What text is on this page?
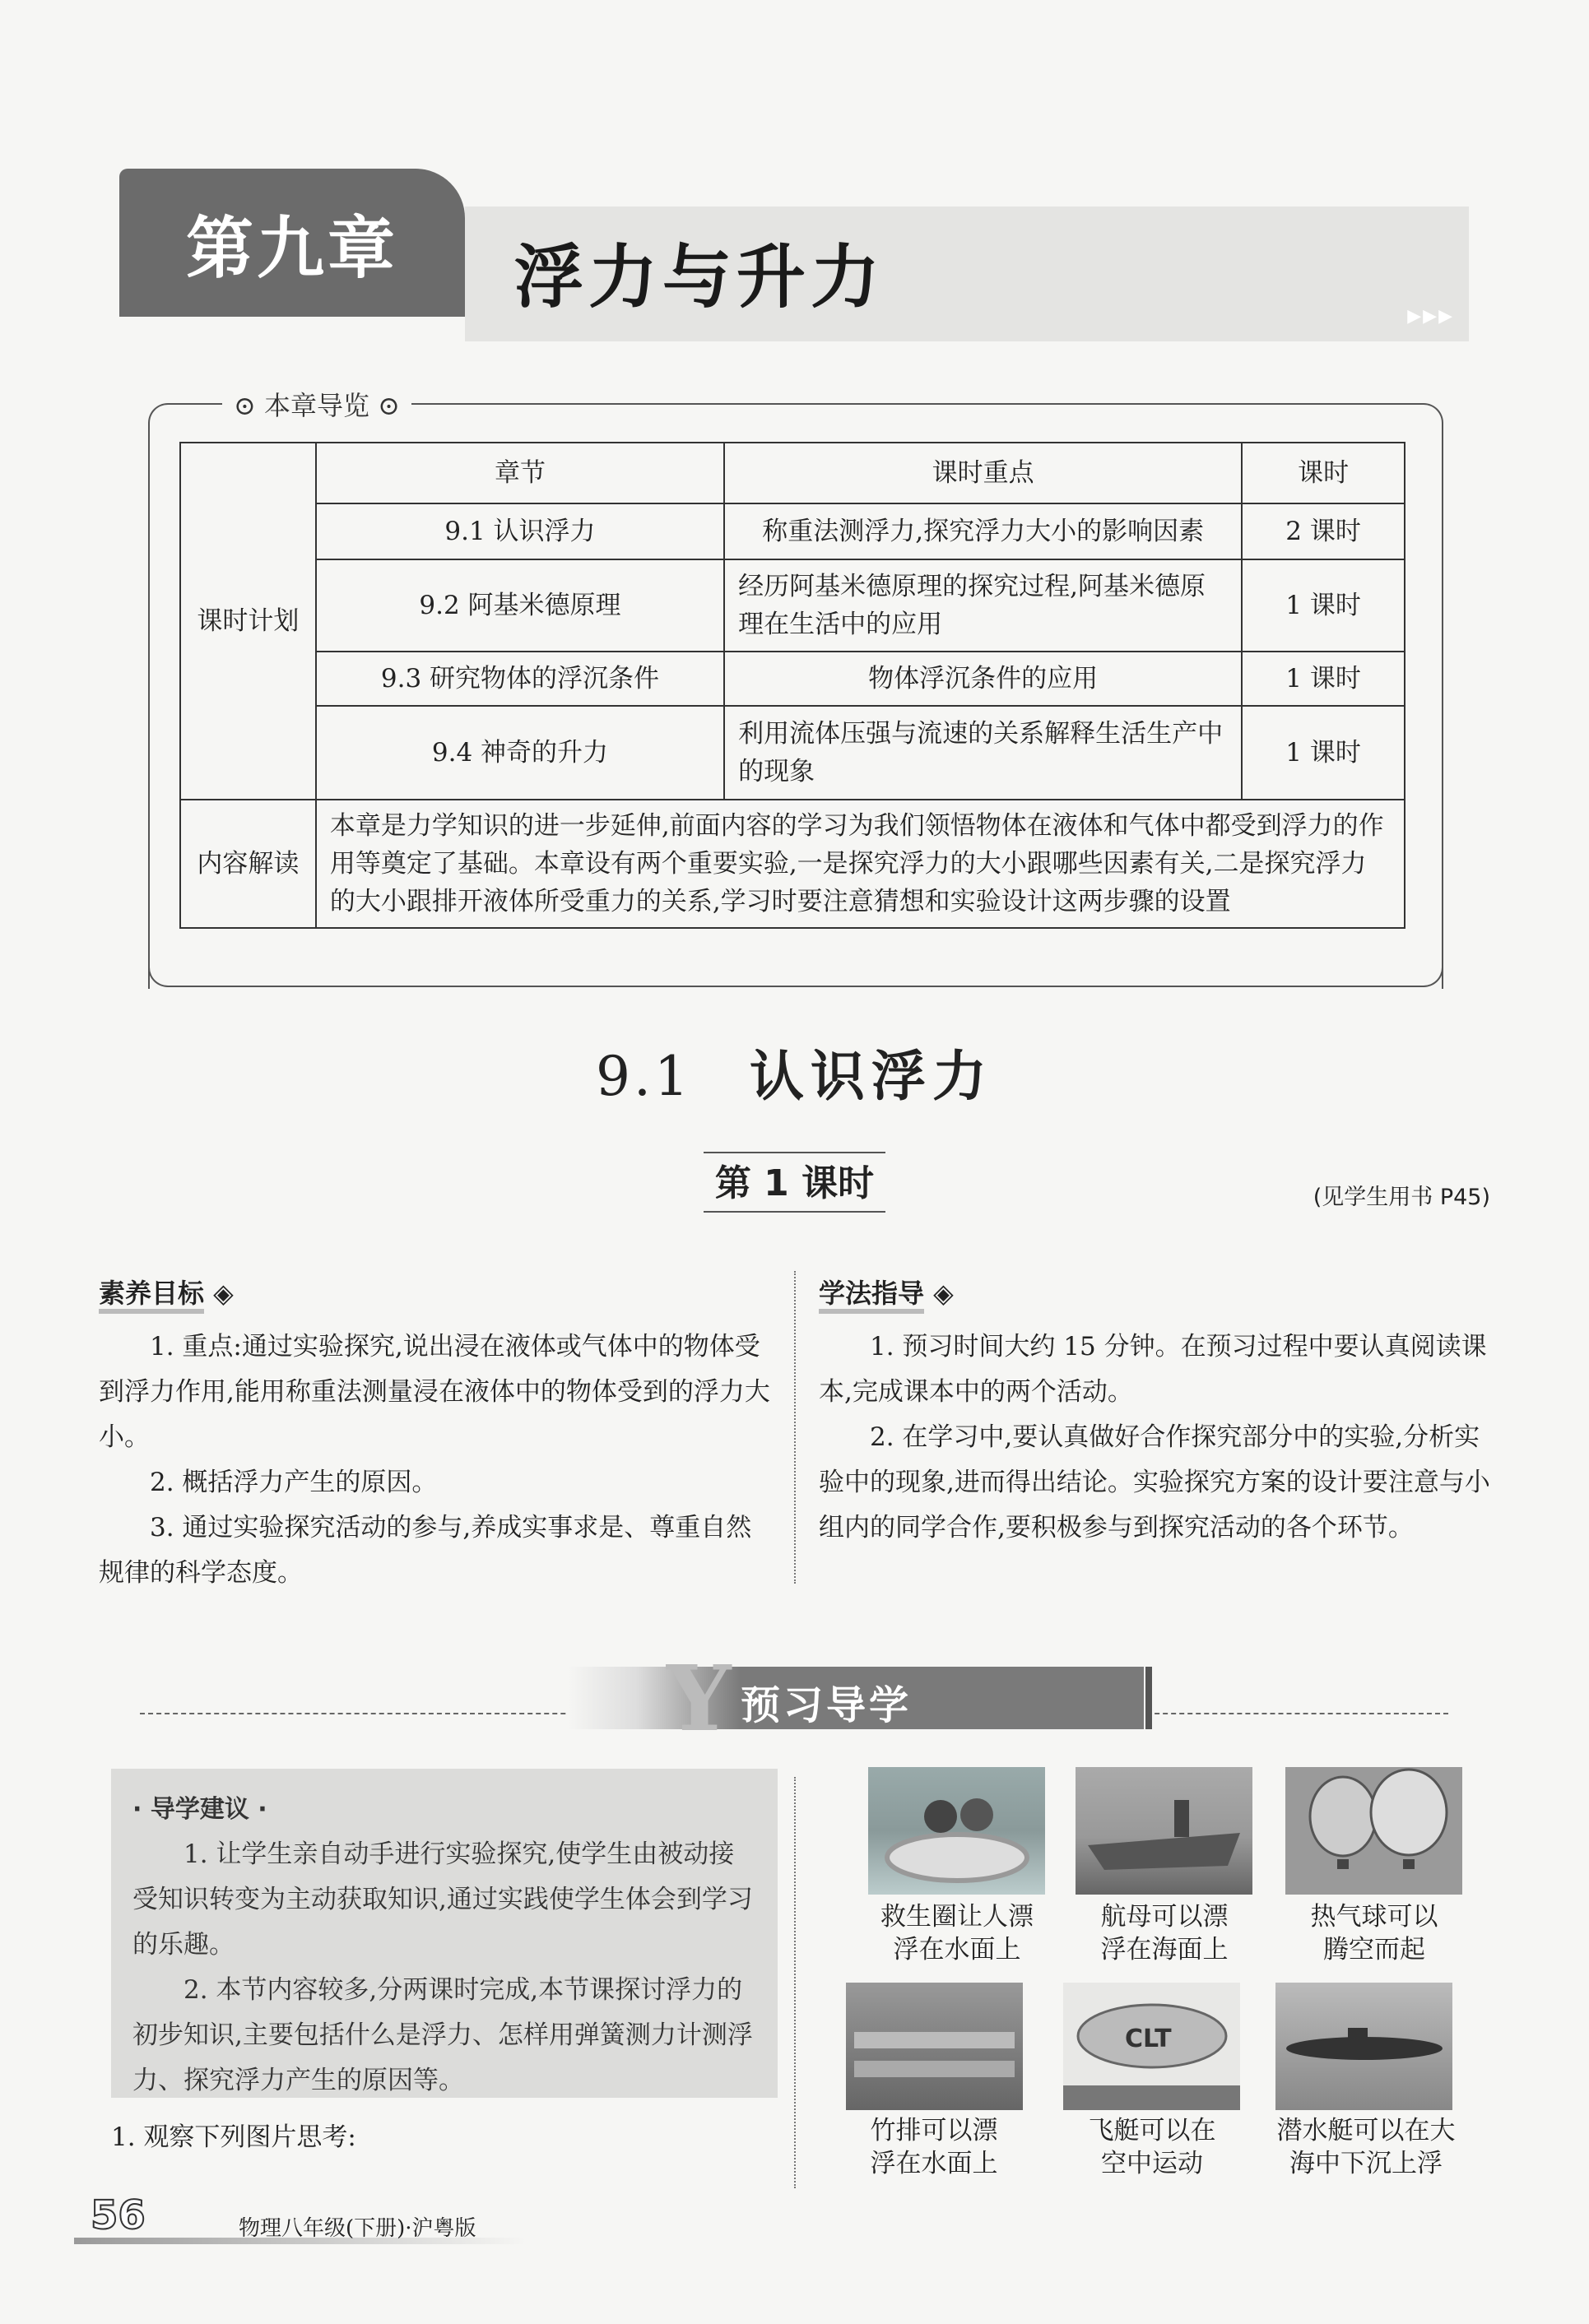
▶▶▶
第九章	浮力与升力
⊙ 本章导览 ⊙
课时计划	章节	课时重点	课时
	9.1 认识浮力	称重法测浮力,探究浮力大小的影响因素	2 课时
	9.2 阿基米德原理	经历阿基米德原理的探究过程,阿基米德原理在生活中的应用	1 课时
	9.3 研究物体的浮沉条件	物体浮沉条件的应用	1 课时
	9.4 神奇的升力	利用流体压强与流速的关系解释生活生产中的现象	1 课时
内容解读	本章是力学知识的进一步延伸,前面内容的学习为我们领悟物体在液体和气体中都受到浮力的作用等奠定了基础。本章设有两个重要实验,一是探究浮力的大小跟哪些因素有关,二是探究浮力的大小跟排开液体所受重力的关系,学习时要注意猜想和实验设计这两步骤的设置		
9.1 认识浮力
第 1 课时	(见学生用书 P45)
素养目标 ◈

1. 重点:通过实验探究,说出浸在液体或气体中的物体受到浮力作用,能用称重法测量浸在液体中的物体受到的浮力大小。

2. 概括浮力产生的原因。

3. 通过实验探究活动的参与,养成实事求是、尊重自然规律的科学态度。

学法指导 ◈

1. 预习时间大约 15 分钟。在预习过程中要认真阅读课本,完成课本中的两个活动。

2. 在学习中,要认真做好合作探究部分中的实验,分析实验中的现象,进而得出结论。实验探究方案的设计要注意与小组内的同学合作,要积极参与到探究活动的各个环节。

Y 预习导学
· 导学建议 ·

1. 让学生亲自动手进行实验探究,使学生由被动接受知识转变为主动获取知识,通过实践使学生体会到学习的乐趣。

2. 本节内容较多,分两课时完成,本节课探讨浮力的初步知识,主要包括什么是浮力、怎样用弹簧测力计测浮力、探究浮力产生的原因等。

1. 观察下列图片思考:
救生圈让人漂
浮在水面上
航母可以漂
浮在海面上
热气球可以
腾空而起
竹排可以漂
浮在水面上
CLT
飞艇可以在
空中运动
潜水艇可以在大
海中下沉上浮
56	物理八年级(下册)·沪粤版
